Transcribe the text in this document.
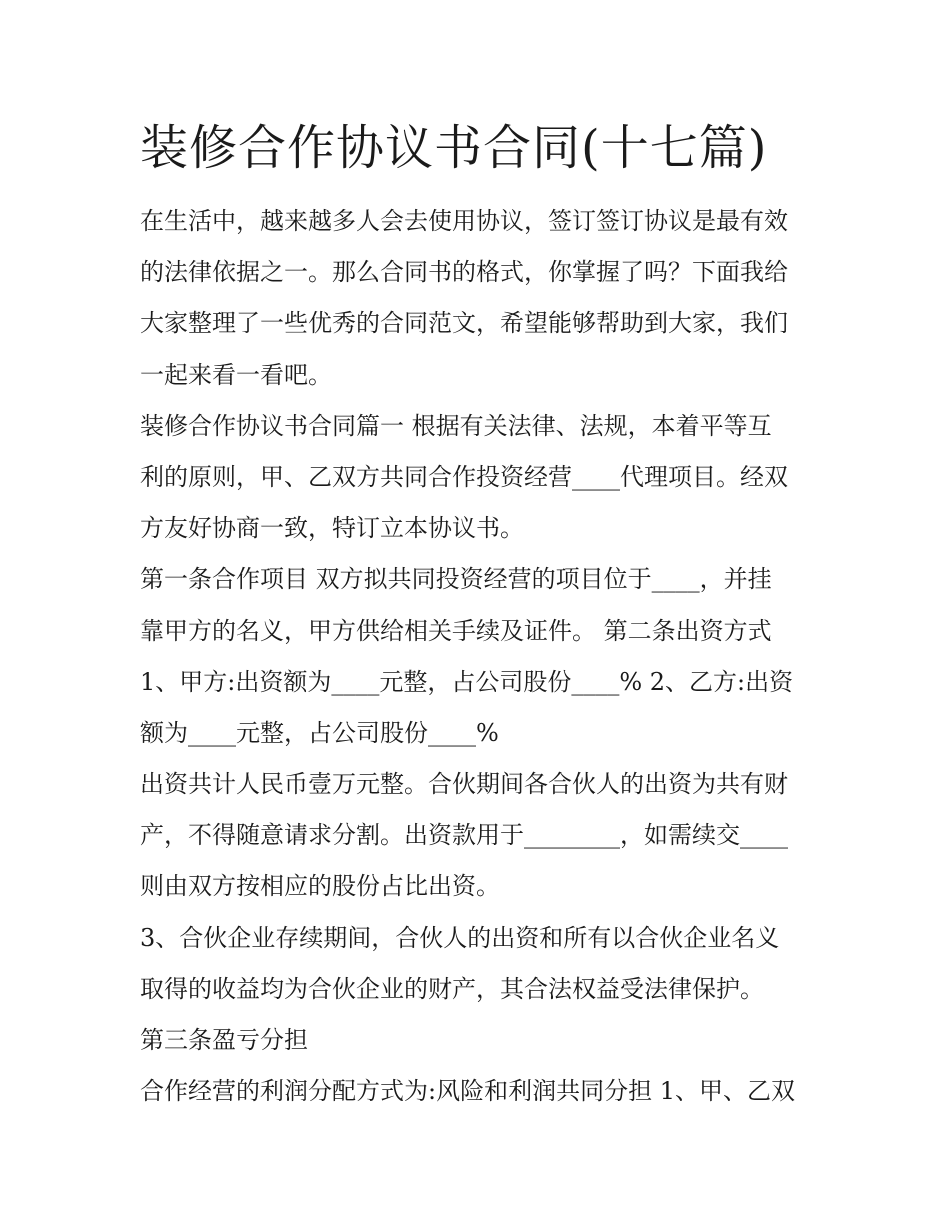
装修合作协议书合同(十七篇)
在生活中，越来越多人会去使用协议，签订签订协议是最有效
的法律依据之一。那么合同书的格式，你掌握了吗？下面我给
大家整理了一些优秀的合同范文，希望能够帮助到大家，我们
一起来看一看吧。
装修合作协议书合同篇一 根据有关法律、法规，本着平等互
利的原则，甲、乙双方共同合作投资经营____代理项目。经双
方友好协商一致，特订立本协议书。
第一条合作项目 双方拟共同投资经营的项目位于____，并挂
靠甲方的名义，甲方供给相关手续及证件。 第二条出资方式
1、甲方:出资额为____元整，占公司股份____% 2、乙方:出资
额为____元整，占公司股份____%
出资共计人民币壹万元整。合伙期间各合伙人的出资为共有财
产，不得随意请求分割。出资款用于________，如需续交____
则由双方按相应的股份占比出资。
3、合伙企业存续期间，合伙人的出资和所有以合伙企业名义
取得的收益均为合伙企业的财产，其合法权益受法律保护。
第三条盈亏分担
合作经营的利润分配方式为:风险和利润共同分担 1、甲、乙双
